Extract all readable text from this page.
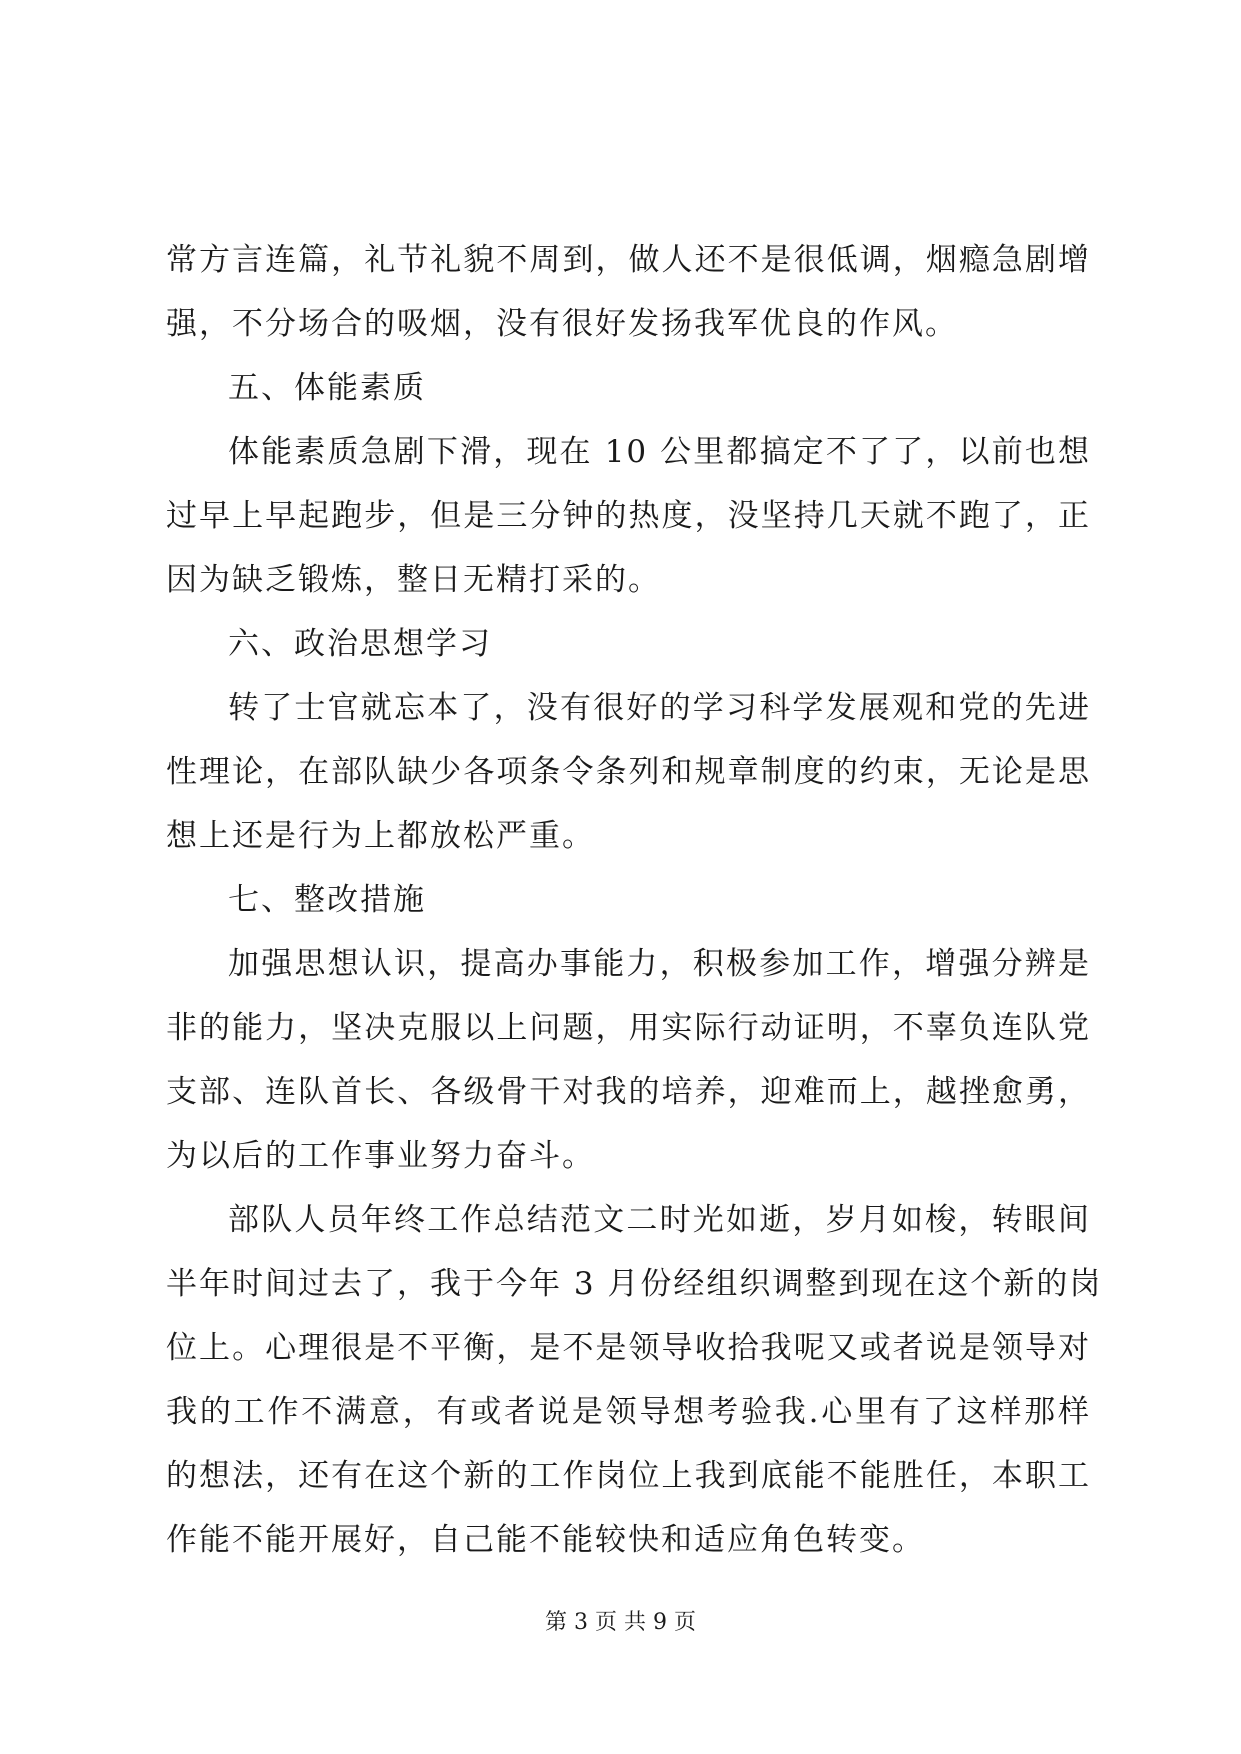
常方言连篇，礼节礼貌不周到，做人还不是很低调，烟瘾急剧增
强，不分场合的吸烟，没有很好发扬我军优良的作风。
五、体能素质
体能素质急剧下滑，现在 10 公里都搞定不了了，以前也想
过早上早起跑步，但是三分钟的热度，没坚持几天就不跑了，正
因为缺乏锻炼，整日无精打采的。
六、政治思想学习
转了士官就忘本了，没有很好的学习科学发展观和党的先进
性理论，在部队缺少各项条令条列和规章制度的约束，无论是思
想上还是行为上都放松严重。
七、整改措施
加强思想认识，提高办事能力，积极参加工作，增强分辨是
非的能力，坚决克服以上问题，用实际行动证明，不辜负连队党
支部、连队首长、各级骨干对我的培养，迎难而上，越挫愈勇，
为以后的工作事业努力奋斗。
部队人员年终工作总结范文二时光如逝，岁月如梭，转眼间
半年时间过去了，我于今年 3 月份经组织调整到现在这个新的岗
位上。心理很是不平衡，是不是领导收拾我呢又或者说是领导对
我的工作不满意，有或者说是领导想考验我.心里有了这样那样
的想法，还有在这个新的工作岗位上我到底能不能胜任，本职工
作能不能开展好，自己能不能较快和适应角色转变。
第 3 页 共 9 页
